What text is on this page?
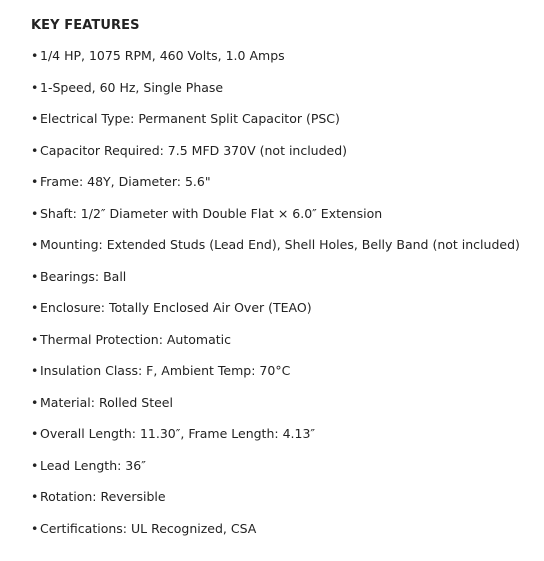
KEY FEATURES
• 1/4 HP, 1075 RPM, 460 Volts, 1.0 Amps
• 1-Speed, 60 Hz, Single Phase
• Electrical Type: Permanent Split Capacitor (PSC)
• Capacitor Required: 7.5 MFD 370V (not included)
• Frame: 48Y, Diameter: 5.6"
• Shaft: 1/2″ Diameter with Double Flat × 6.0″ Extension
• Mounting: Extended Studs (Lead End), Shell Holes, Belly Band (not included)
• Bearings: Ball
• Enclosure: Totally Enclosed Air Over (TEAO)
• Thermal Protection: Automatic
• Insulation Class: F, Ambient Temp: 70°C
• Material: Rolled Steel
• Overall Length: 11.30″, Frame Length: 4.13″
• Lead Length: 36″
• Rotation: Reversible
• Certifications: UL Recognized, CSA
